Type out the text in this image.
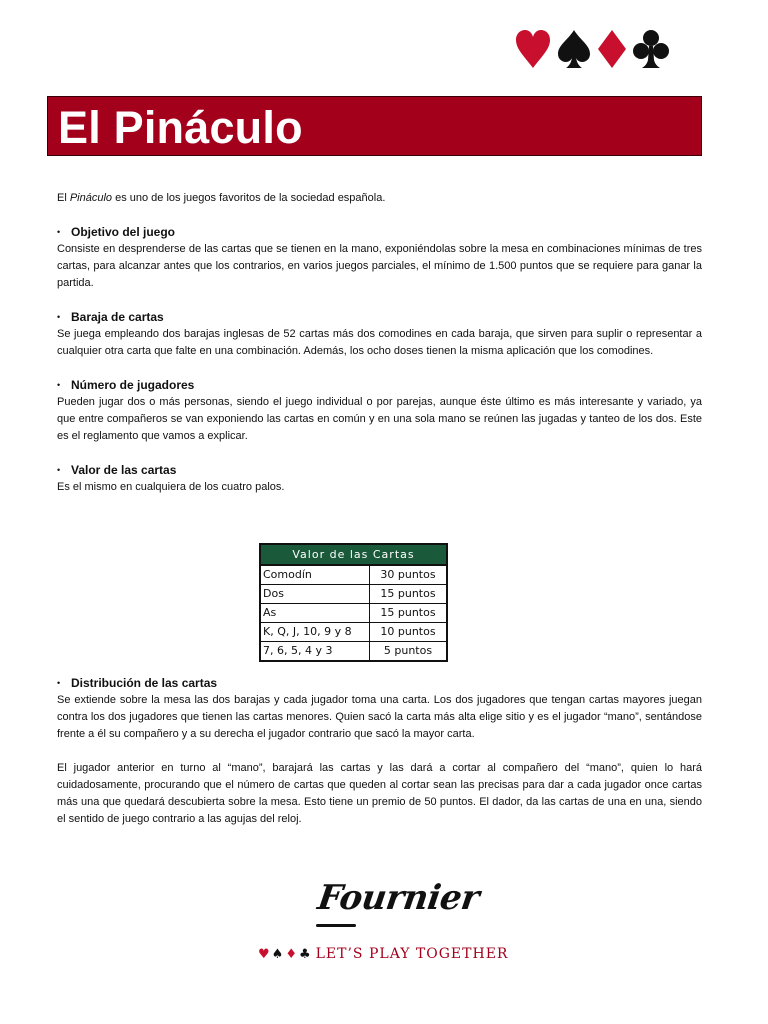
El Pináculo

El Pináculo es uno de los juegos favoritos de la sociedad española.

• Objetivo del juego

Consiste en desprenderse de las cartas que se tienen en la mano, exponiéndolas sobre la mesa en combinaciones mínimas de tres cartas, para alcanzar antes que los contrarios, en varios juegos parciales, el mínimo de 1.500 puntos que se requiere para ganar la partida.

• Baraja de cartas

Se juega empleando dos barajas inglesas de 52 cartas más dos comodines en cada baraja, que sirven para suplir o representar a cualquier otra carta que falte en una combinación. Además, los ocho doses tienen la misma aplicación que los comodines.

• Número de jugadores

Pueden jugar dos o más personas, siendo el juego individual o por parejas, aunque éste último es más interesante y variado, ya que entre compañeros se van exponiendo las cartas en común y en una sola mano se reúnen las jugadas y tanteo de los dos. Este es el reglamento que vamos a explicar.

• Valor de las cartas

Es el mismo en cualquiera de los cuatro palos.

Valor de las Cartas	
Comodín	30 puntos
Dos	15 puntos
As	15 puntos
K, Q, J, 10, 9 y 8	10 puntos
7, 6, 5, 4 y 3	5 puntos

• Distribución de las cartas

Se extiende sobre la mesa las dos barajas y cada jugador toma una carta. Los dos jugadores que tengan cartas mayores juegan contra los dos jugadores que tienen las cartas menores. Quien sacó la carta más alta elige sitio y es el jugador “mano”, sentándose frente a él su compañero y a su derecha el jugador contrario que sacó la mayor carta.

El jugador anterior en turno al “mano”, barajará las cartas y las dará a cortar al compañero del “mano”, quien lo hará cuidadosamente, procurando que el número de cartas que queden al cortar sean las precisas para dar a cada jugador once cartas más una que quedará descubierta sobre la mesa. Esto tiene un premio de 50 puntos. El dador, da las cartas de una en una, siendo el sentido de juego contrario a las agujas del reloj.

Fournier
♥ ♠ ♦ ♣ LET’S PLAY TOGETHER
